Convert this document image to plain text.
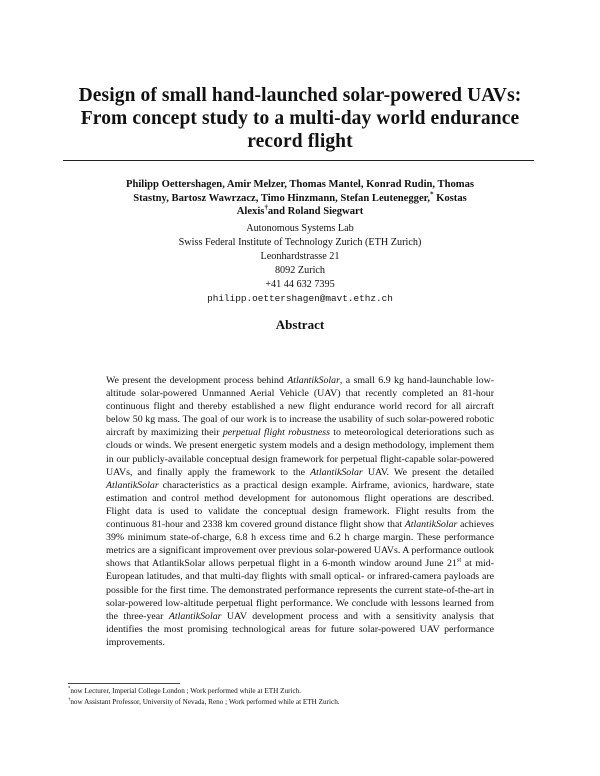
Design of small hand-launched solar-powered UAVs:
From concept study to a multi-day world endurance
record flight
Philipp Oettershagen, Amir Melzer, Thomas Mantel, Konrad Rudin, Thomas
Stastny, Bartosz Wawrzacz, Timo Hinzmann, Stefan Leutenegger,* Kostas
Alexis†and Roland Siegwart
Autonomous Systems Lab
Swiss Federal Institute of Technology Zurich (ETH Zurich)
Leonhardstrasse 21
8092 Zurich
+41 44 632 7395
philipp.oettershagen@mavt.ethz.ch
Abstract
We present the development process behind AtlantikSolar, a small 6.9 kg hand-launchable low-altitude solar-powered Unmanned Aerial Vehicle (UAV) that recently completed an 81-hour continuous flight and thereby established a new flight endurance world record for all aircraft below 50 kg mass. The goal of our work is to increase the usability of such solar-powered robotic aircraft by maximizing their perpetual flight robustness to meteorological deteriorations such as clouds or winds. We present energetic system models and a design methodology, implement them in our publicly-available conceptual design framework for perpetual flight-capable solar-powered UAVs, and finally apply the framework to the AtlantikSolar UAV. We present the detailed AtlantikSolar characteristics as a practical design example. Airframe, avionics, hardware, state estimation and control method development for autonomous flight operations are described. Flight data is used to validate the conceptual design framework. Flight results from the continuous 81-hour and 2338 km covered ground distance flight show that AtlantikSolar achieves 39% minimum state-of-charge, 6.8 h excess time and 6.2 h charge margin. These performance metrics are a significant improvement over previous solar-powered UAVs. A performance outlook shows that AtlantikSolar allows perpetual flight in a 6-month window around June 21st at mid-European latitudes, and that multi-day flights with small optical- or infrared-camera payloads are possible for the first time. The demonstrated performance represents the current state-of-the-art in solar-powered low-altitude perpetual flight performance. We conclude with lessons learned from the three-year AtlantikSolar UAV development process and with a sensitivity analysis that identifies the most promising technological areas for future solar-powered UAV performance improvements.
*now Lecturer, Imperial College London ; Work performed while at ETH Zurich.
†now Assistant Professor, University of Nevada, Reno ; Work performed while at ETH Zurich.
